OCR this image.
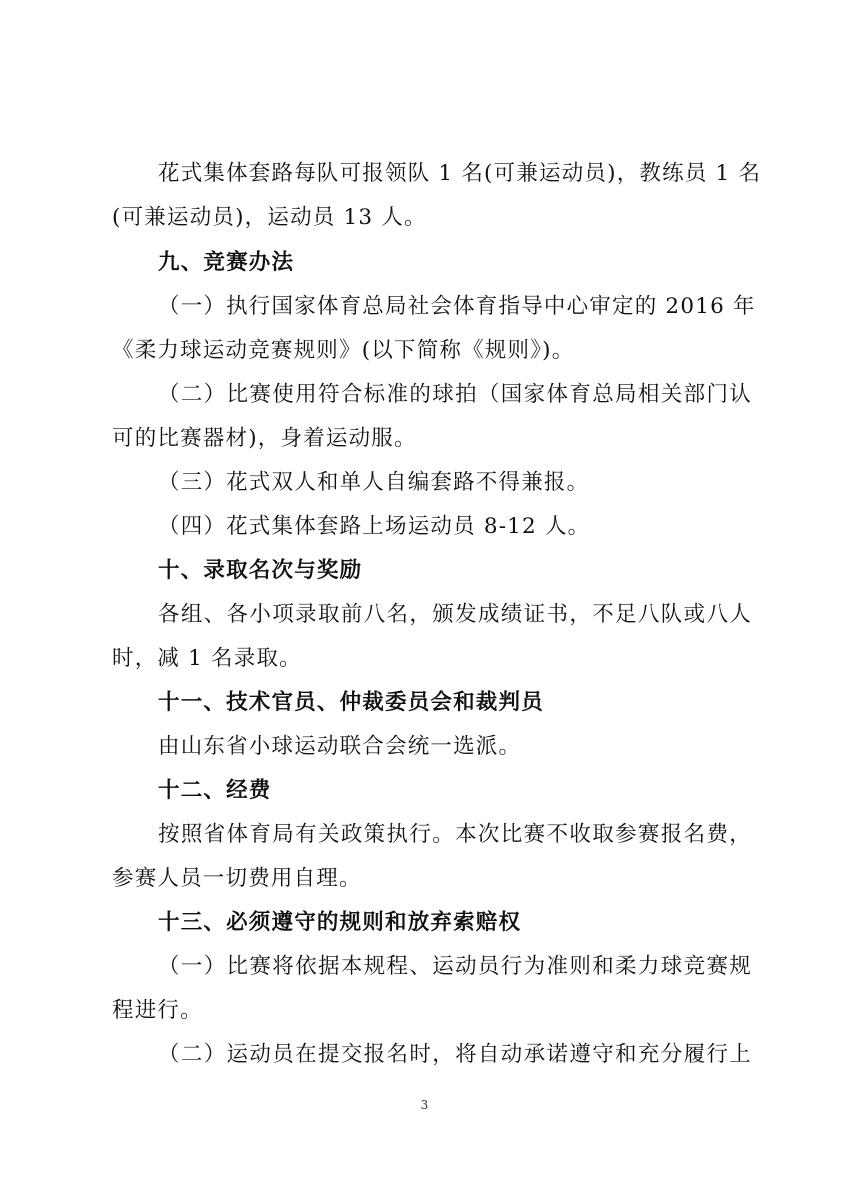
花式集体套路每队可报领队 1 名(可兼运动员)，教练员 1 名
(可兼运动员)，运动员 13 人。
九、竞赛办法
（一）执行国家体育总局社会体育指导中心审定的 2016 年
《柔力球运动竞赛规则》(以下简称《规则》)。
（二）比赛使用符合标准的球拍（国家体育总局相关部门认
可的比赛器材)，身着运动服。
（三）花式双人和单人自编套路不得兼报。
（四）花式集体套路上场运动员 8-12 人。
十、录取名次与奖励
各组、各小项录取前八名，颁发成绩证书，不足八队或八人
时，减 1 名录取。
十一、技术官员、仲裁委员会和裁判员
由山东省小球运动联合会统一选派。
十二、经费
按照省体育局有关政策执行。本次比赛不收取参赛报名费，
参赛人员一切费用自理。
十三、必须遵守的规则和放弃索赔权
（一）比赛将依据本规程、运动员行为准则和柔力球竞赛规
程进行。
（二）运动员在提交报名时，将自动承诺遵守和充分履行上
3
